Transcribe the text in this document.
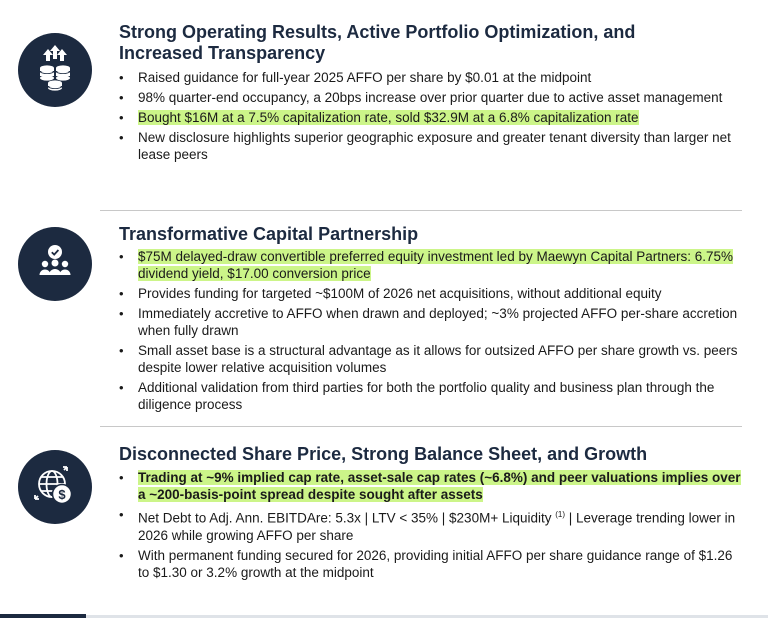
Strong Operating Results, Active Portfolio Optimization, and
Increased Transparency
• Raised guidance for full-year 2025 AFFO per share by $0.01 at the midpoint
• 98% quarter-end occupancy, a 20bps increase over prior quarter due to active asset management
• Bought $16M at a 7.5% capitalization rate, sold $32.9M at a 6.8% capitalization rate
• New disclosure highlights superior geographic exposure and greater tenant diversity than larger net lease peers
Transformative Capital Partnership
• $75M delayed-draw convertible preferred equity investment led by Maewyn Capital Partners: 6.75% dividend yield, $17.00 conversion price
• Provides funding for targeted ~$100M of 2026 net acquisitions, without additional equity
• Immediately accretive to AFFO when drawn and deployed; ~3% projected AFFO per-share accretion when fully drawn
• Small asset base is a structural advantage as it allows for outsized AFFO per share growth vs. peers despite lower relative acquisition volumes
• Additional validation from third parties for both the portfolio quality and business plan through the diligence process
$
Disconnected Share Price, Strong Balance Sheet, and Growth
• Trading at ~9% implied cap rate, asset-sale cap rates (~6.8%) and peer valuations implies over a ~200-basis-point spread despite sought after assets
• Net Debt to Adj. Ann. EBITDAre: 5.3x | LTV < 35% | $230M+ Liquidity $^{(1)}$ | Leverage trending lower in 2026 while growing AFFO per share
• With permanent funding secured for 2026, providing initial AFFO per share guidance range of $1.26 to $1.30 or 3.2% growth at the midpoint
